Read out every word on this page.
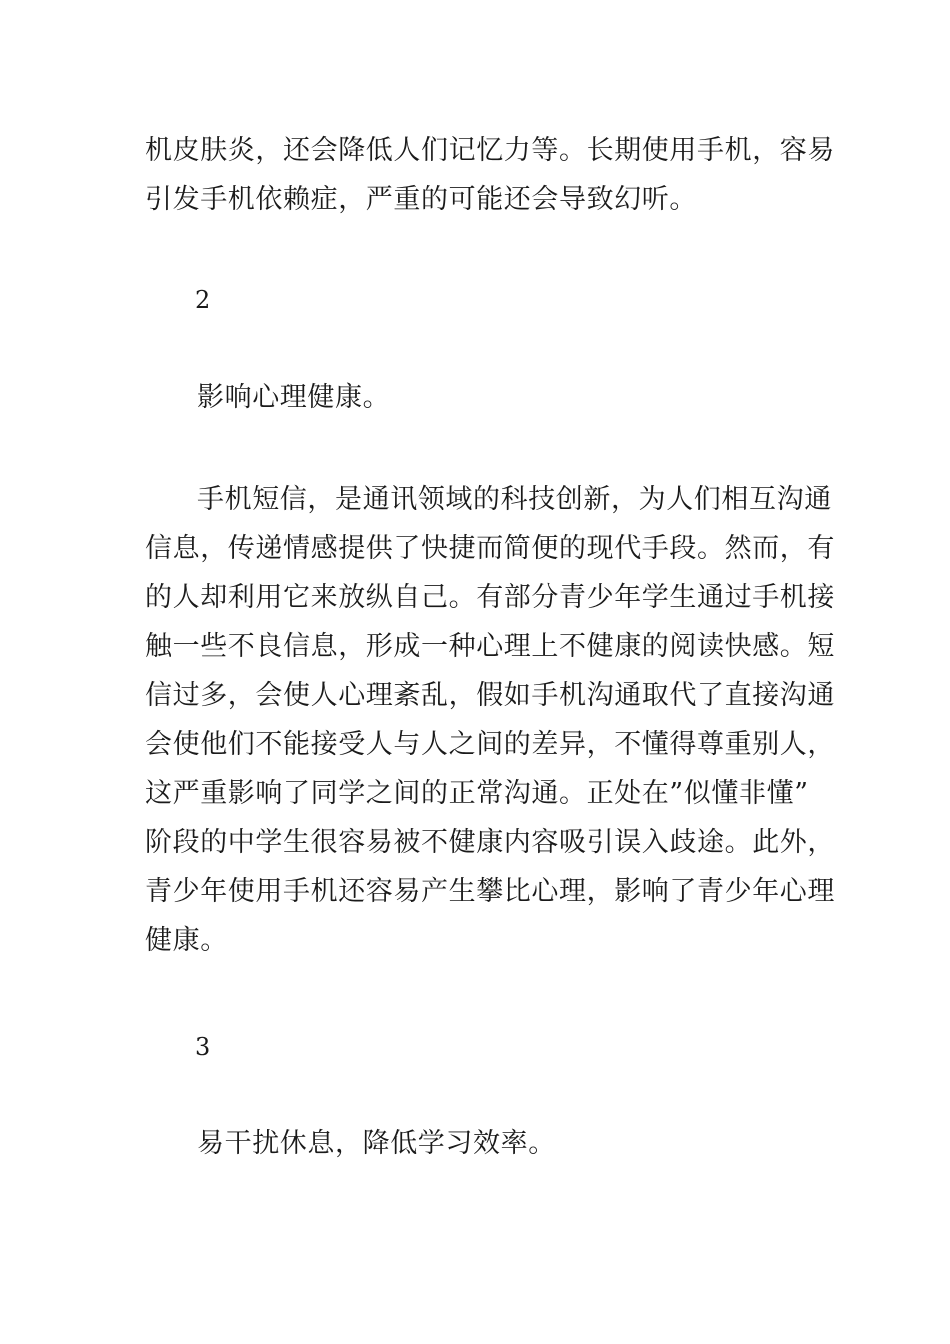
机皮肤炎，还会降低人们记忆力等。长期使用手机，容易
引发手机依赖症，严重的可能还会导致幻听。
2
影响心理健康。
手机短信，是通讯领域的科技创新，为人们相互沟通
信息，传递情感提供了快捷而简便的现代手段。然而，有
的人却利用它来放纵自己。有部分青少年学生通过手机接
触一些不良信息，形成一种心理上不健康的阅读快感。短
信过多，会使人心理紊乱，假如手机沟通取代了直接沟通
会使他们不能接受人与人之间的差异，不懂得尊重别人，
这严重影响了同学之间的正常沟通。正处在”似懂非懂”
阶段的中学生很容易被不健康内容吸引误入歧途。此外，
青少年使用手机还容易产生攀比心理，影响了青少年心理
健康。
3
易干扰休息，降低学习效率。
